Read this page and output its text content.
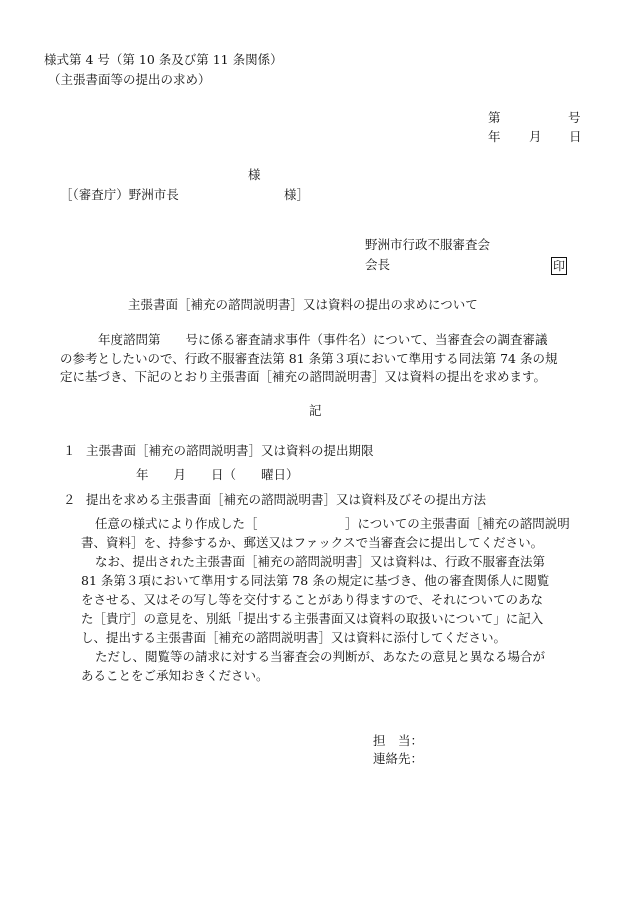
様式第 4 号（第 10 条及び第 11 条関係）
（主張書面等の提出の求め）
第	号
年 月 日
様
［（審査庁）野洲市長	様］
野洲市行政不服審査会
会長	印
主張書面［補充の諮問説明書］又は資料の提出の求めについて
年度諮問第　　号に係る審査請求事件（事件名）について、当審査会の調査審議
の参考としたいので、行政不服審査法第 81 条第３項において準用する同法第 74 条の規
定に基づき、下記のとおり主張書面［補充の諮問説明書］又は資料の提出を求めます。
記
１ 主張書面［補充の諮問説明書］又は資料の提出期限
年　　月　　日（　　曜日）
２ 提出を求める主張書面［補充の諮問説明書］又は資料及びその提出方法
任意の様式により作成した［　　　　　　　］についての主張書面［補充の諮問説明
書、資料］を、持参するか、郵送又はファックスで当審査会に提出してください。
なお、提出された主張書面［補充の諮問説明書］又は資料は、行政不服審査法第
81 条第３項において準用する同法第 78 条の規定に基づき、他の審査関係人に閲覧
をさせる、又はその写し等を交付することがあり得ますので、それについてのあな
た［貴庁］の意見を、別紙「提出する主張書面又は資料の取扱いについて」に記入
し、提出する主張書面［補充の諮問説明書］又は資料に添付してください。
ただし、閲覧等の請求に対する当審査会の判断が、あなたの意見と異なる場合が
あることをご承知おきください。
担　当：
連絡先：
